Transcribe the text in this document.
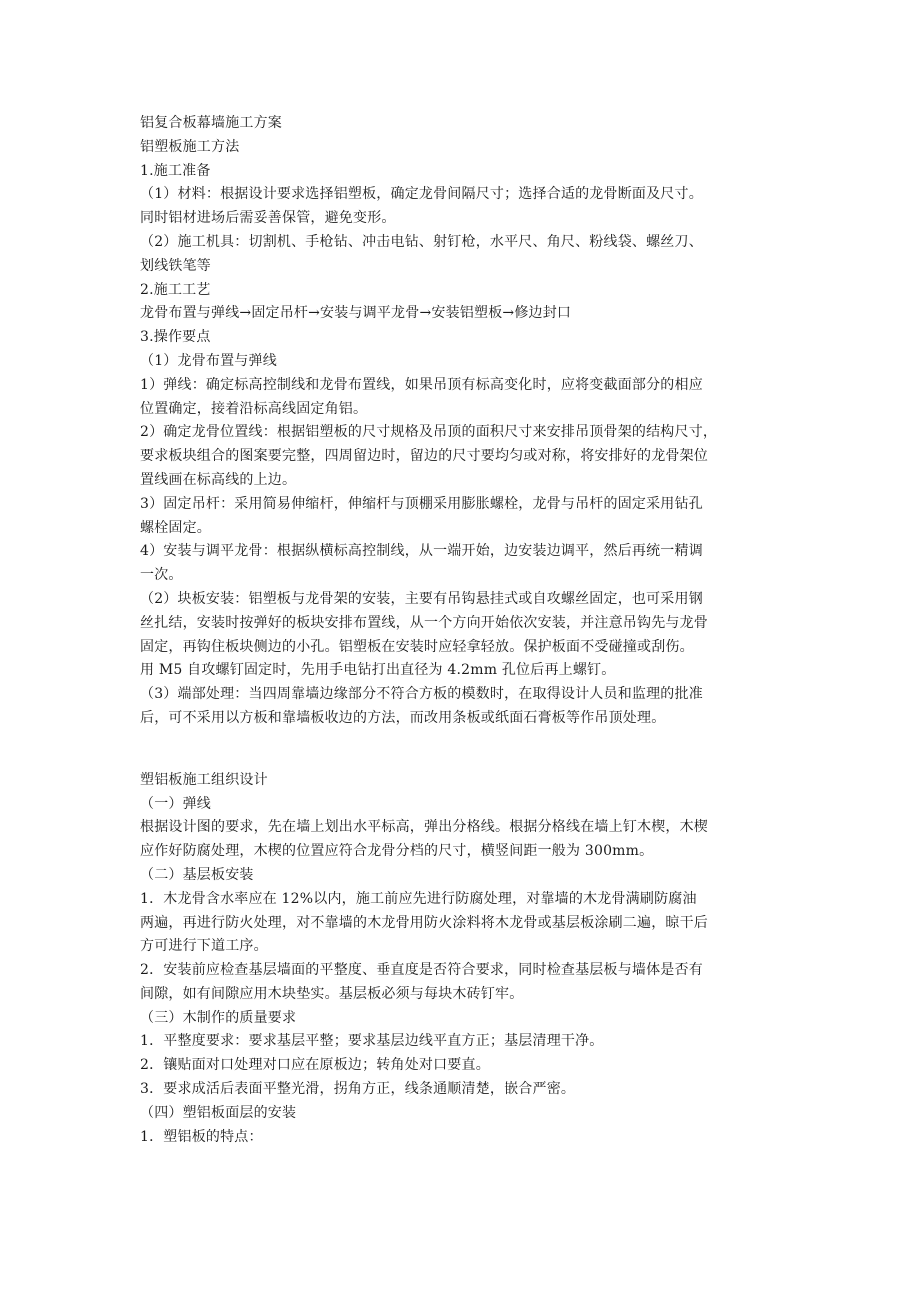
铝复合板幕墙施工方案
铝塑板施工方法
1.施工准备
（1）材料：根据设计要求选择铝塑板，确定龙骨间隔尺寸；选择合适的龙骨断面及尺寸。
同时铝材进场后需妥善保管，避免变形。
（2）施工机具：切割机、手枪钻、冲击电钻、射钉枪，水平尺、角尺、粉线袋、螺丝刀、
划线铁笔等
2.施工工艺
龙骨布置与弹线→固定吊杆→安装与调平龙骨→安装铝塑板→修边封口
3.操作要点
（1）龙骨布置与弹线
1）弹线：确定标高控制线和龙骨布置线，如果吊顶有标高变化时，应将变截面部分的相应
位置确定，接着沿标高线固定角铝。
2）确定龙骨位置线：根据铝塑板的尺寸规格及吊顶的面积尺寸来安排吊顶骨架的结构尺寸，
要求板块组合的图案要完整，四周留边时，留边的尺寸要均匀或对称，将安排好的龙骨架位
置线画在标高线的上边。
3）固定吊杆：采用简易伸缩杆，伸缩杆与顶棚采用膨胀螺栓，龙骨与吊杆的固定采用钻孔
螺栓固定。
4）安装与调平龙骨：根据纵横标高控制线，从一端开始，边安装边调平，然后再统一精调
一次。
（2）块板安装：铝塑板与龙骨架的安装，主要有吊钩悬挂式或自攻螺丝固定，也可采用钢
丝扎结，安装时按弹好的板块安排布置线，从一个方向开始依次安装，并注意吊钩先与龙骨
固定，再钩住板块侧边的小孔。铝塑板在安装时应轻拿轻放。保护板面不受碰撞或刮伤。
用 M5 自攻螺钉固定时，先用手电钻打出直径为 4.2mm 孔位后再上螺钉。
（3）端部处理：当四周靠墙边缘部分不符合方板的模数时，在取得设计人员和监理的批准
后，可不采用以方板和靠墙板收边的方法，而改用条板或纸面石膏板等作吊顶处理。
塑铝板施工组织设计
（一）弹线
根据设计图的要求，先在墙上划出水平标高，弹出分格线。根据分格线在墙上钉木楔，木楔
应作好防腐处理，木楔的位置应符合龙骨分档的尺寸，横竖间距一般为 300mm。
（二）基层板安装
1．木龙骨含水率应在 12%以内，施工前应先进行防腐处理，对靠墙的木龙骨满刷防腐油
两遍，再进行防火处理，对不靠墙的木龙骨用防火涂料将木龙骨或基层板涂刷二遍，晾干后
方可进行下道工序。
2．安装前应检查基层墙面的平整度、垂直度是否符合要求，同时检查基层板与墙体是否有
间隙，如有间隙应用木块垫实。基层板必须与每块木砖钉牢。
（三）木制作的质量要求
1．平整度要求：要求基层平整；要求基层边线平直方正；基层清理干净。
2．镶贴面对口处理对口应在原板边；转角处对口要直。
3．要求成活后表面平整光滑，拐角方正，线条通顺清楚，嵌合严密。
（四）塑铝板面层的安装
1．塑铝板的特点：
